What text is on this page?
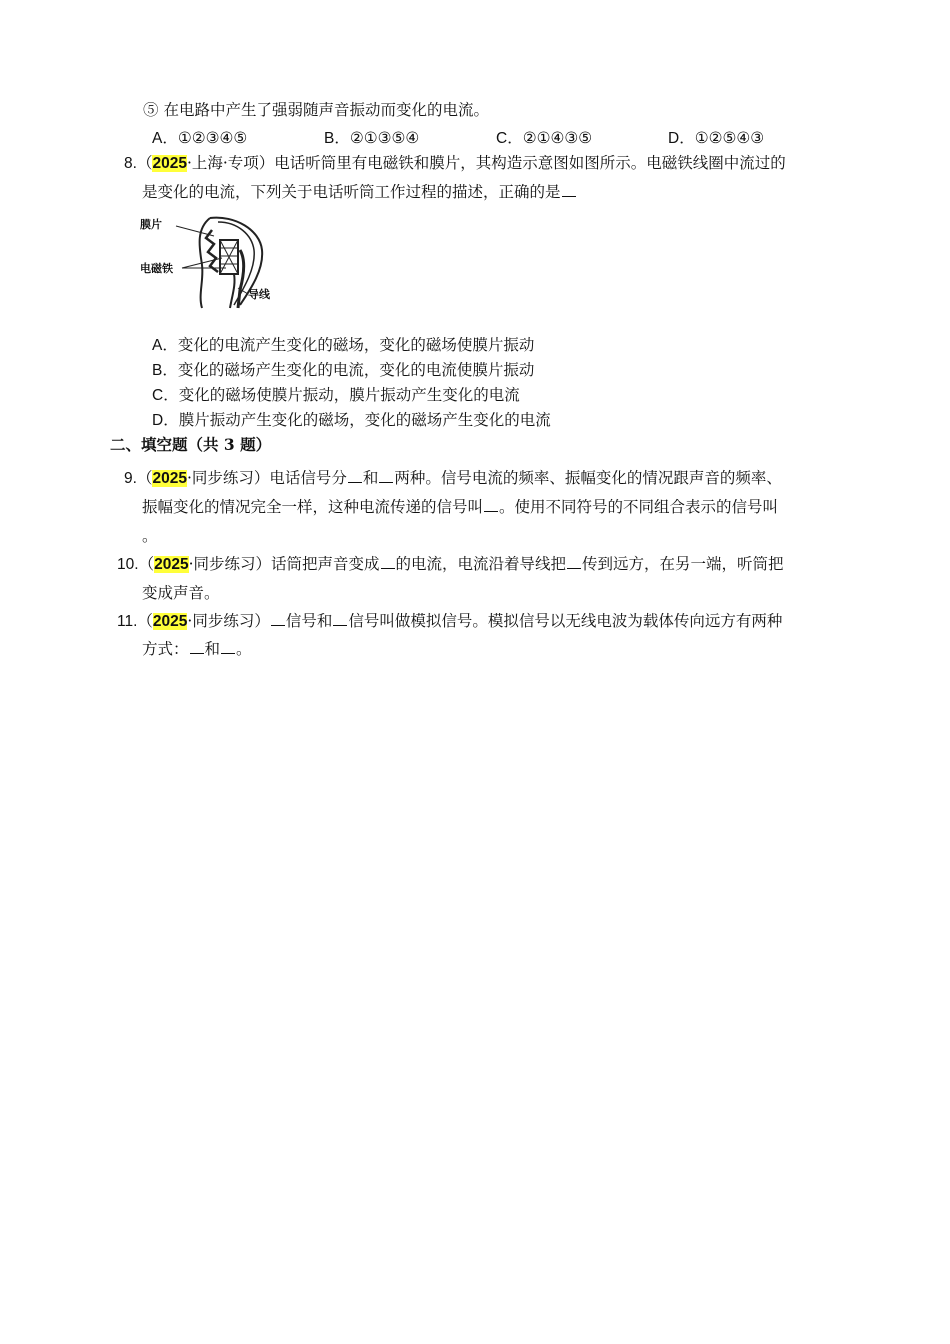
⑤ 在电路中产生了强弱随声音振动而变化的电流。
A．①②③④⑤	B．②①③⑤④	C．②①④③⑤	D．①②⑤④③
8.（2025·上海·专项）电话听筒里有电磁铁和膜片，其构造示意图如图所示。电磁铁线圈中流过的
是变化的电流，下列关于电话听筒工作过程的描述，正确的是
膜片
电磁铁
导线
A．变化的电流产生变化的磁场，变化的磁场使膜片振动
B．变化的磁场产生变化的电流，变化的电流使膜片振动
C．变化的磁场使膜片振动，膜片振动产生变化的电流
D．膜片振动产生变化的磁场，变化的磁场产生变化的电流
二、填空题（共 3 题）
9.（2025·同步练习）电话信号分 和 两种。信号电流的频率、振幅变化的情况跟声音的频率、
振幅变化的情况完全一样，这种电流传递的信号叫 。使用不同符号的不同组合表示的信号叫
。
10.（2025·同步练习）话筒把声音变成 的电流，电流沿着导线把 传到远方，在另一端，听筒把
变成声音。
11.（2025·同步练习） 信号和 信号叫做模拟信号。模拟信号以无线电波为载体传向远方有两种
方式： 和 。
